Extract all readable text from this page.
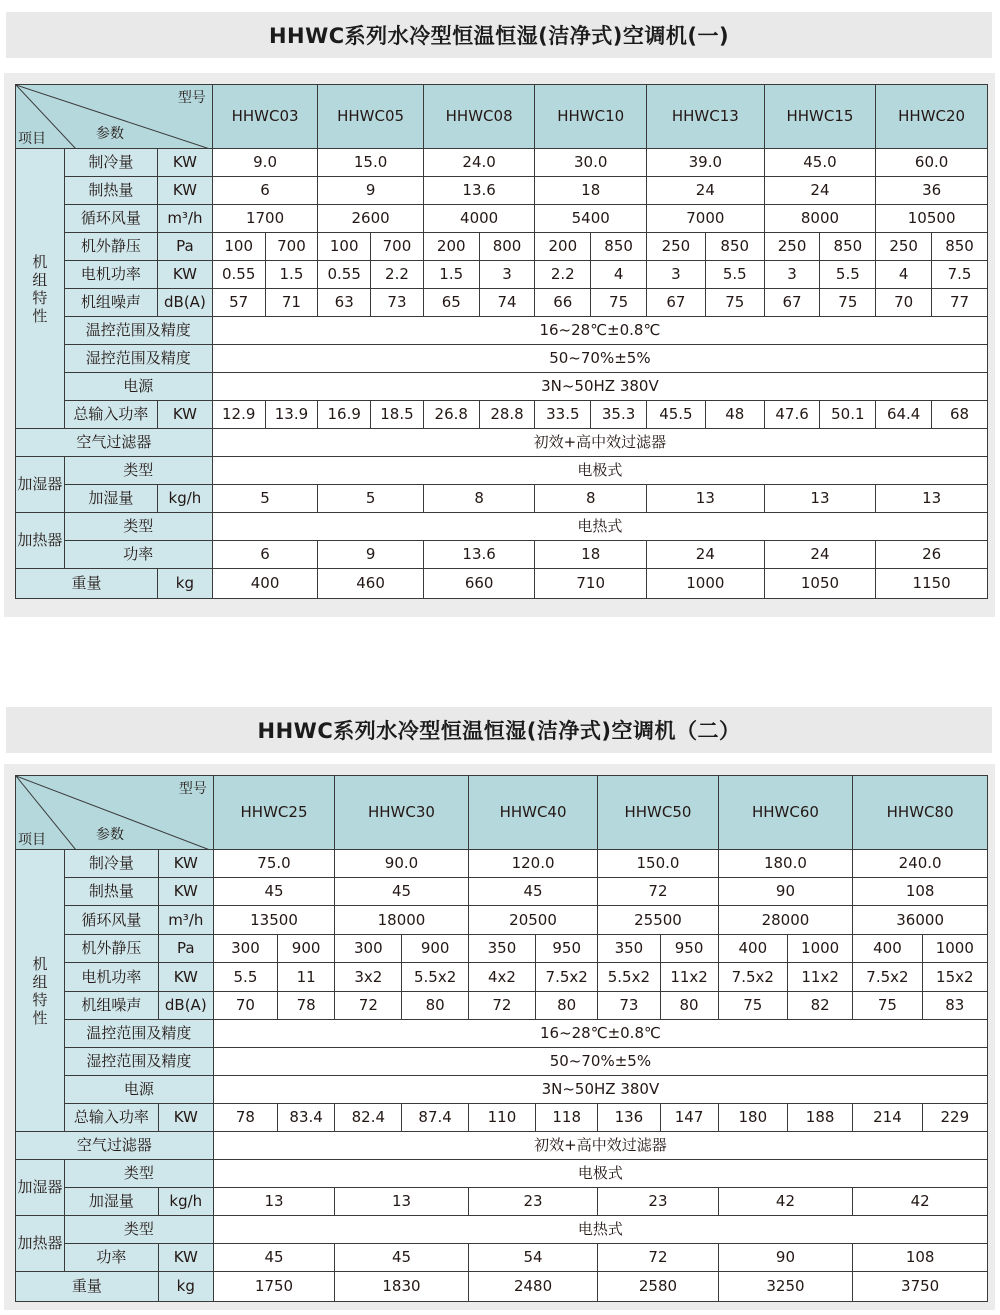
HHWC系列水冷型恒温恒湿(洁净式)空调机(一)
型号
参数
项目			HHWC03		HHWC05		HHWC08		HHWC10		HHWC13		HHWC15		HHWC20	

机组特性	制冷量	KW	9.0		15.0		24.0		30.0		39.0		45.0		60.0	
	制热量	KW	6		9		13.6		18		24		24		36	
	循环风量	m³/h	1700		2600		4000		5400		7000		8000		10500	
	机外静压	Pa	100	700	100	700	200	800	200	850	250	850	250	850	250	850
	电机功率	KW	0.55	1.5	0.55	2.2	1.5	3	2.2	4	3	5.5	3	5.5	4	7.5
	机组噪声	dB(A)	57	71	63	73	65	74	66	75	67	75	67	75	70	77
	温控范围及精度		16~28℃±0.8℃													
	湿控范围及精度		50~70%±5%													
	电源		3N~50HZ 380V													
	总输入功率	KW	12.9	13.9	16.9	18.5	26.8	28.8	33.5	35.3	45.5	48	47.6	50.1	64.4	68
空气过滤器			初效+高中效过滤器													
加湿器	类型		电极式													
	加湿量	kg/h	5		5		8		8		13		13		13	
加热器	类型		电热式													
	功率		6		9		13.6		18		24		24		26	
重量		kg	400		460		660		710		1000		1050		1150	
HHWC系列水冷型恒温恒湿(洁净式)空调机（二）
型号
参数
项目			HHWC25		HHWC30		HHWC40		HHWC50		HHWC60		HHWC80	

机组特性	制冷量	KW	75.0		90.0		120.0		150.0		180.0		240.0	
	制热量	KW	45		45		45		72		90		108	
	循环风量	m³/h	13500		18000		20500		25500		28000		36000	
	机外静压	Pa	300	900	300	900	350	950	350	950	400	1000	400	1000
	电机功率	KW	5.5	11	3x2	5.5x2	4x2	7.5x2	5.5x2	11x2	7.5x2	11x2	7.5x2	15x2
	机组噪声	dB(A)	70	78	72	80	72	80	73	80	75	82	75	83
	温控范围及精度		16~28℃±0.8℃											
	湿控范围及精度		50~70%±5%											
	电源		3N~50HZ 380V											
	总输入功率	KW	78	83.4	82.4	87.4	110	118	136	147	180	188	214	229
空气过滤器			初效+高中效过滤器											
加湿器	类型		电极式											
	加湿量	kg/h	13		13		23		23		42		42	
加热器	类型		电热式											
	功率	KW	45		45		54		72		90		108	
重量		kg	1750		1830		2480		2580		3250		3750	
